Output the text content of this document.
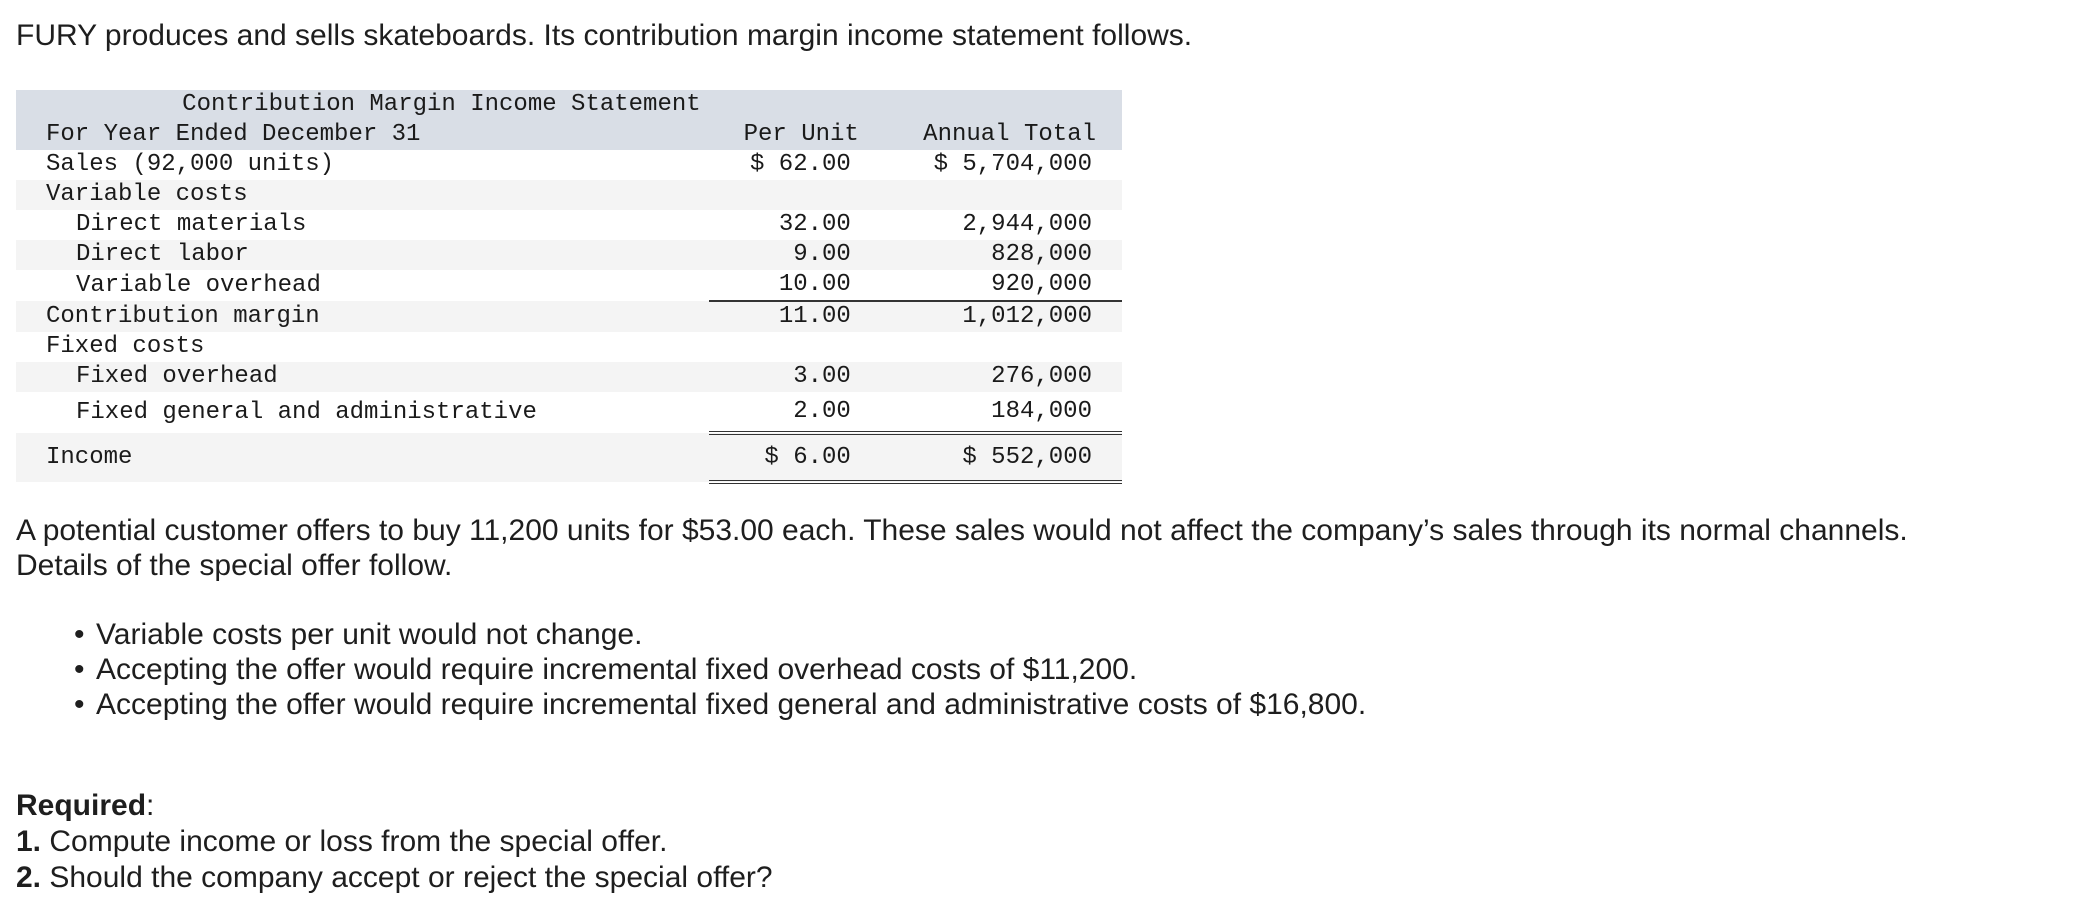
FURY produces and sells skateboards. Its contribution margin income statement follows.

Contribution Margin Income Statement		
For Year Ended December 31	Per Unit	Annual Total
Sales (92,000 units)	$ 62.00	$ 5,704,000
Variable costs		
Direct materials	32.00	2,944,000
Direct labor	9.00	828,000
Variable overhead	10.00	920,000
Contribution margin	11.00	1,012,000
Fixed costs		
Fixed overhead	3.00	276,000
Fixed general and administrative	2.00	184,000
Income	$ 6.00	$ 552,000

A potential customer offers to buy 11,200 units for $53.00 each. These sales would not affect the company’s sales through its normal channels. Details of the special offer follow.

• Variable costs per unit would not change.
• Accepting the offer would require incremental fixed overhead costs of $11,200.
• Accepting the offer would require incremental fixed general and administrative costs of $16,800.
Required:
1. Compute income or loss from the special offer.
2. Should the company accept or reject the special offer?
